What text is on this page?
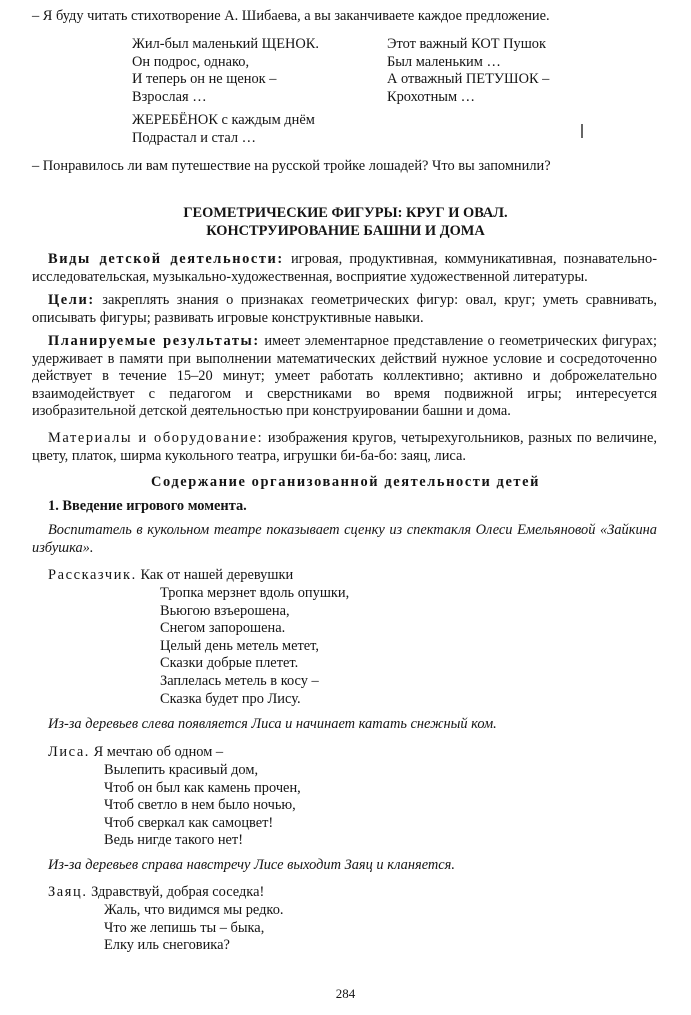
– Я буду читать стихотворение А. Шибаева, а вы заканчиваете каждое предложение.
Жил-был маленький ЩЕНОК.
Он подрос, однако,
И теперь он не щенок –
Взрослая …
ЖЕРЕБЁНОК с каждым днём
Подрастал и стал …
Этот важный КОТ Пушок
Был маленьким …
А отважный ПЕТУШОК –
Крохотным …
– Понравилось ли вам путешествие на русской тройке лошадей? Что вы запомнили?
ГЕОМЕТРИЧЕСКИЕ ФИГУРЫ: КРУГ И ОВАЛ.
КОНСТРУИРОВАНИЕ БАШНИ И ДОМА
Виды детской деятельности: игровая, продуктивная, коммуникативная, познавательно-исследовательская, музыкально-художественная, восприятие художественной литературы.
Цели: закреплять знания о признаках геометрических фигур: овал, круг; уметь сравнивать, описывать фигуры; развивать игровые конструктивные навыки.
Планируемые результаты: имеет элементарное представление о геометрических фигурах; удерживает в памяти при выполнении математических действий нужное условие и сосредоточенно действует в течение 15–20 минут; умеет работать коллективно; активно и доброжелательно взаимодействует с педагогом и сверстниками во время подвижной игры; интересуется изобразительной детской деятельностью при конструировании башни и дома.
Материалы и оборудование: изображения кругов, четырехугольников, разных по величине, цвету, платок, ширма кукольного театра, игрушки би-ба-бо: заяц, лиса.
Содержание организованной деятельности детей
1. Введение игрового момента.
Воспитатель в кукольном театре показывает сценку из спектакля Олеси Емельяновой «Зайкина избушка».
Рассказчик. Как от нашей деревушки
Тропка мерзнет вдоль опушки,
Вьюгою взъерошена,
Снегом запорошена.
Целый день метель метет,
Сказки добрые плетет.
Заплелась метель в косу –
Сказка будет про Лису.
Из-за деревьев слева появляется Лиса и начинает катать снежный ком.
Лиса. Я мечтаю об одном –
Вылепить красивый дом,
Чтоб он был как камень прочен,
Чтоб светло в нем было ночью,
Чтоб сверкал как самоцвет!
Ведь нигде такого нет!
Из-за деревьев справа навстречу Лисе выходит Заяц и кланяется.
Заяц. Здравствуй, добрая соседка!
Жаль, что видимся мы редко.
Что же лепишь ты – быка,
Елку иль снеговика?
284
